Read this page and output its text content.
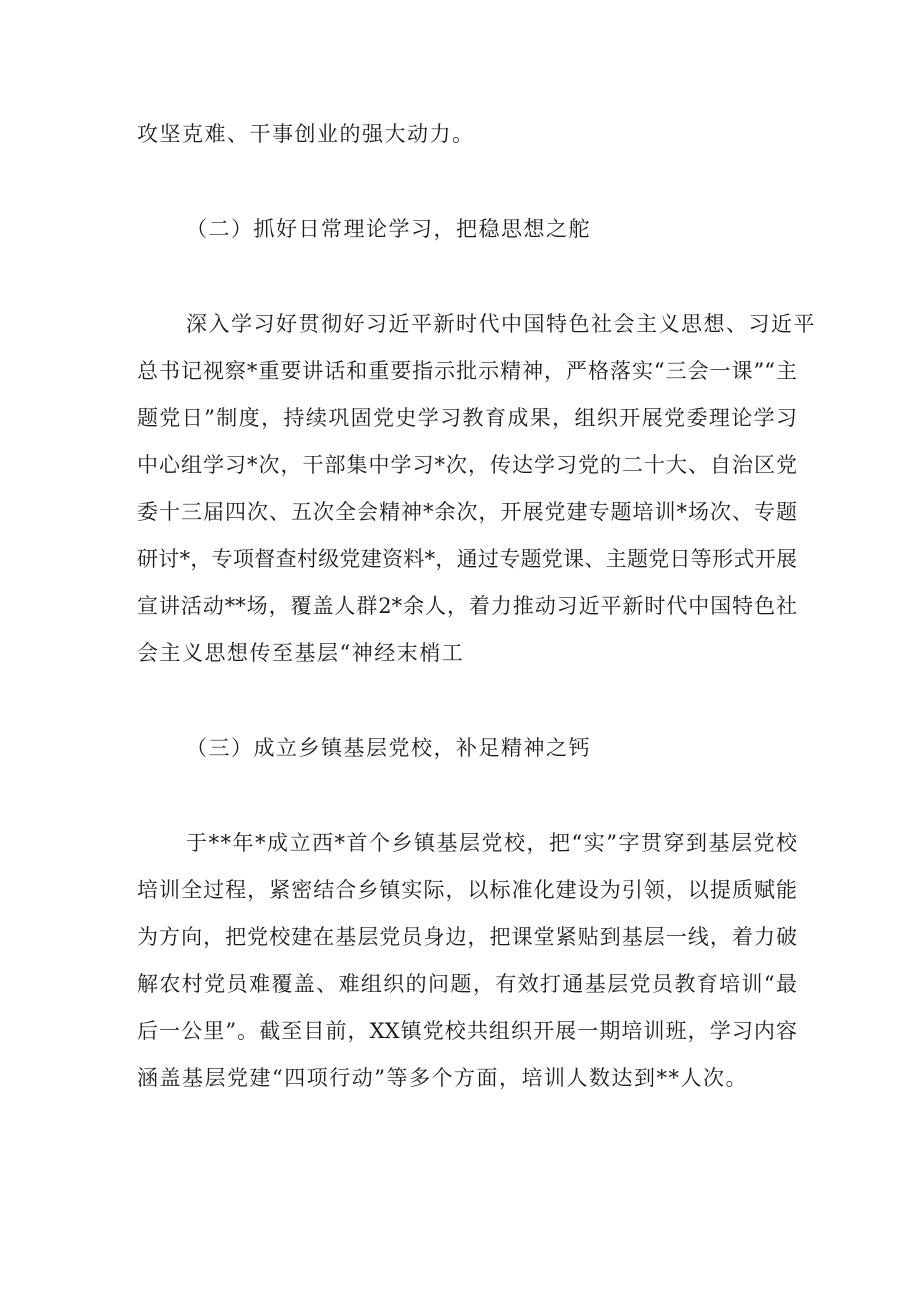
攻坚克难、干事创业的强大动力。
（二）抓好日常理论学习，把稳思想之舵
深入学习好贯彻好习近平新时代中国特色社会主义思想、习近平
总书记视察*重要讲话和重要指示批示精神，严格落实“三会一课”“主
题党日”制度，持续巩固党史学习教育成果，组织开展党委理论学习
中心组学习*次，干部集中学习*次，传达学习党的二十大、自治区党
委十三届四次、五次全会精神*余次，开展党建专题培训*场次、专题
研讨*，专项督查村级党建资料*，通过专题党课、主题党日等形式开展
宣讲活动**场，覆盖人群2*余人，着力推动习近平新时代中国特色社
会主义思想传至基层“神经末梢工
（三）成立乡镇基层党校，补足精神之钙
于**年*成立西*首个乡镇基层党校，把“实”字贯穿到基层党校
培训全过程，紧密结合乡镇实际，以标准化建设为引领，以提质赋能
为方向，把党校建在基层党员身边，把课堂紧贴到基层一线，着力破
解农村党员难覆盖、难组织的问题，有效打通基层党员教育培训“最
后一公里”。截至目前，XX镇党校共组织开展一期培训班，学习内容
涵盖基层党建“四项行动”等多个方面，培训人数达到**人次。
